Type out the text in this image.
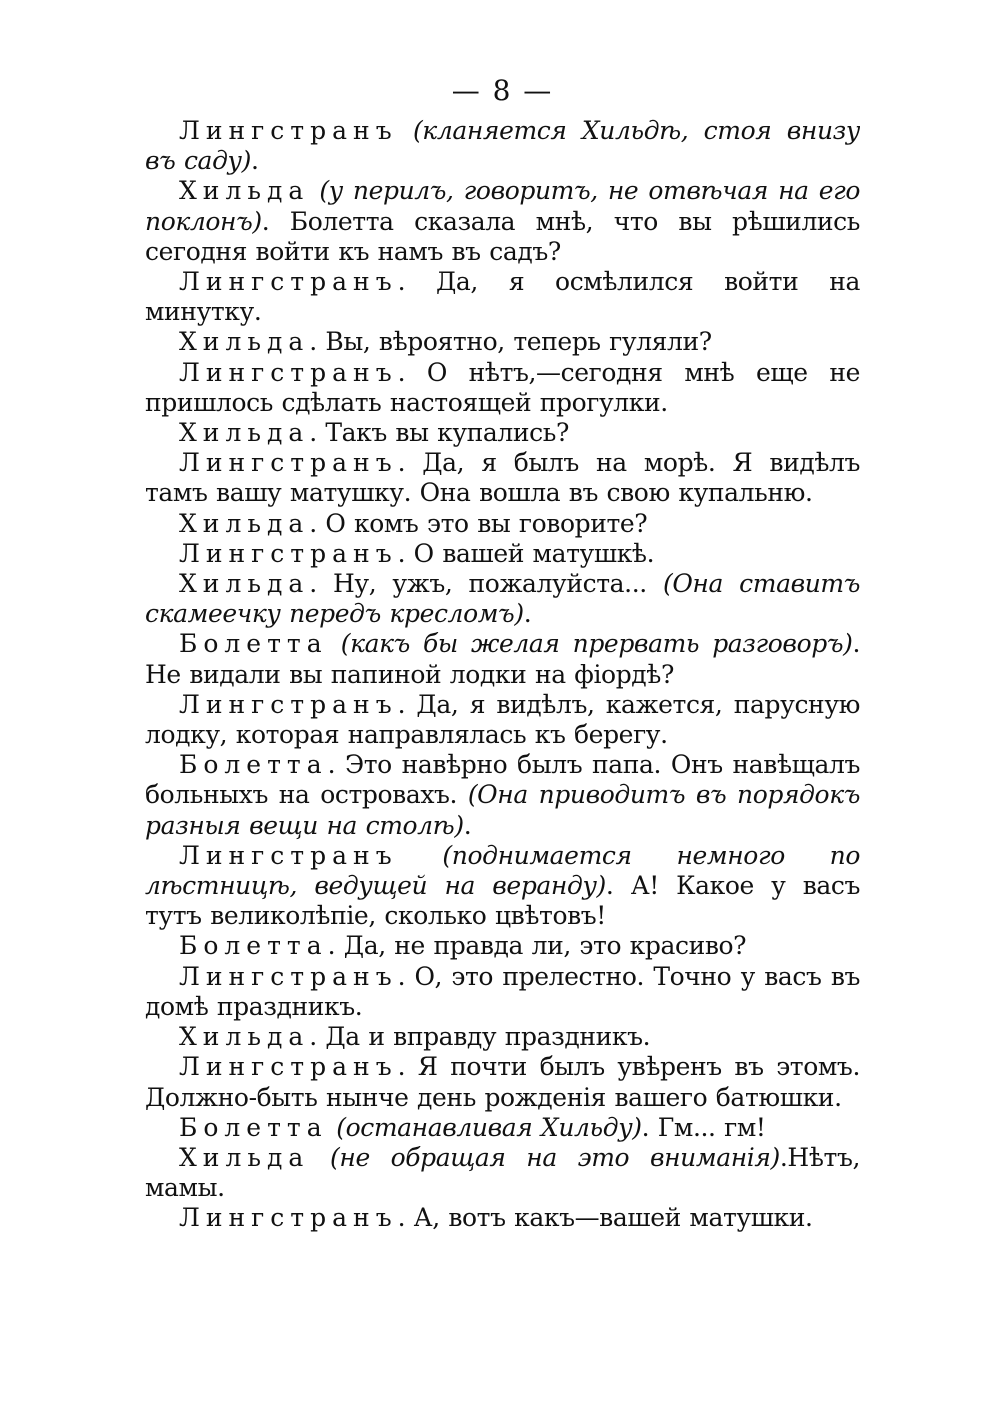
— 8 —

Лингстранъ (кланяется Хильдѣ, стоя внизу въ саду).

Хильда (у перилъ, говоритъ, не отвѣчая на его поклонъ). Болетта сказала мнѣ, что вы рѣшились сегодня войти къ намъ въ садъ?

Лингстранъ. Да, я осмѣлился войти на минутку.

Хильда. Вы, вѣроятно, теперь гуляли?

Лингстранъ. О нѣтъ,—сегодня мнѣ еще не пришлось сдѣлать настоящей прогулки.

Хильда. Такъ вы купались?

Лингстранъ. Да, я былъ на морѣ. Я видѣлъ тамъ вашу матушку. Она вошла въ свою купальню.

Хильда. О комъ это вы говорите?

Лингстранъ. О вашей матушкѣ.

Хильда. Ну, ужъ, пожалуйста... (Она ставитъ скамеечку передъ кресломъ).

Болетта (какъ бы желая прервать разговоръ). Не видали вы папиной лодки на фіордѣ?

Лингстранъ. Да, я видѣлъ, кажется, парусную лодку, которая направлялась къ берегу.

Болетта. Это навѣрно былъ папа. Онъ навѣщалъ больныхъ на островахъ. (Она приводитъ въ порядокъ разныя вещи на столѣ).

Лингстранъ (поднимается немного по лѣстницѣ, ведущей на веранду). А! Какое у васъ тутъ великолѣпіе, сколько цвѣтовъ!

Болетта. Да, не правда ли, это красиво?

Лингстранъ. О, это прелестно. Точно у васъ въ домѣ праздникъ.

Хильда. Да и вправду праздникъ.

Лингстранъ. Я почти былъ увѣренъ въ этомъ. Должно-быть нынче день рожденія вашего батюшки.

Болетта (останавливая Хильду). Гм... гм!

Хильда (не обращая на это вниманія).Нѣтъ, мамы.

Лингстранъ. А, вотъ какъ—вашей матушки.
